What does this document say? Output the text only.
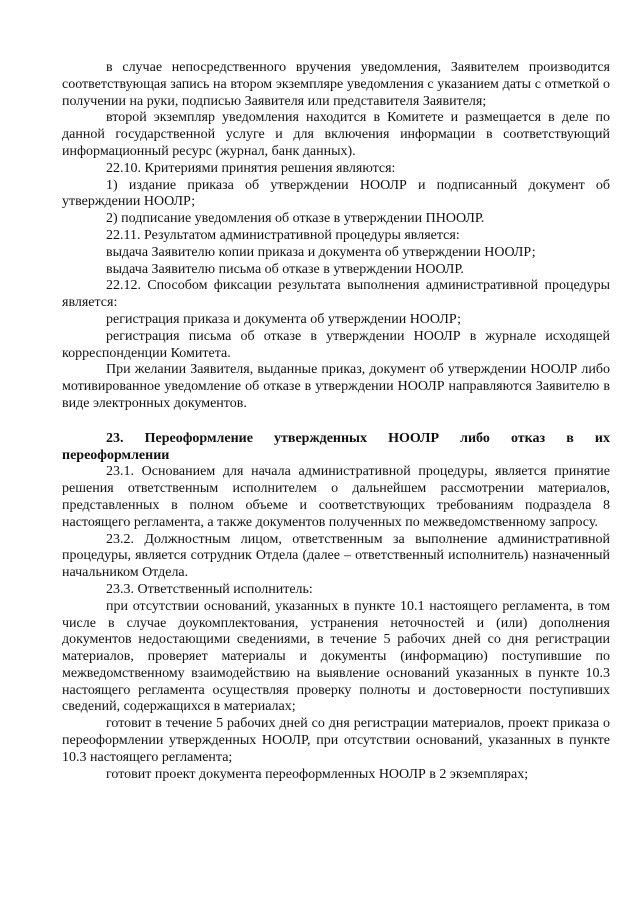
в случае непосредственного вручения уведомления, Заявителем производится соответствующая запись на втором экземпляре уведомления с указанием даты с отметкой о получении на руки, подписью Заявителя или представителя Заявителя;

второй экземпляр уведомления находится в Комитете и размещается в деле по данной государственной услуге и для включения информации в соответствующий информационный ресурс (журнал, банк данных).

22.10. Критериями принятия решения являются:

1) издание приказа об утверждении НООЛР и подписанный документ об утверждении НООЛР;

2) подписание уведомления об отказе в утверждении ПНООЛР.

22.11. Результатом административной процедуры является:

выдача Заявителю копии приказа и документа об утверждении НООЛР;

выдача Заявителю письма об отказе в утверждении НООЛР.

22.12. Способом фиксации результата выполнения административной процедуры является:

регистрация приказа и документа об утверждении НООЛР;

регистрация письма об отказе в утверждении НООЛР в журнале исходящей корреспонденции Комитета.

При желании Заявителя, выданные приказ, документ об утверждении НООЛР либо мотивированное уведомление об отказе в утверждении НООЛР направляются Заявителю в виде электронных документов.

23. Переоформление утвержденных НООЛР либо отказ в их
переоформлении

23.1. Основанием для начала административной процедуры, является принятие решения ответственным исполнителем о дальнейшем рассмотрении материалов, представленных в полном объеме и соответствующих требованиям подраздела 8 настоящего регламента, а также документов полученных по межведомственному запросу.

23.2. Должностным лицом, ответственным за выполнение административной процедуры, является сотрудник Отдела (далее – ответственный исполнитель) назначенный начальником Отдела.

23.3. Ответственный исполнитель:

при отсутствии оснований, указанных в пункте 10.1 настоящего регламента, в том числе в случае доукомплектования, устранения неточностей и (или) дополнения документов недостающими сведениями, в течение 5 рабочих дней со дня регистрации материалов, проверяет материалы и документы (информацию) поступившие по межведомственному взаимодействию на выявление оснований указанных в пункте 10.3 настоящего регламента осуществляя проверку полноты и достоверности поступивших сведений, содержащихся в материалах;

готовит в течение 5 рабочих дней со дня регистрации материалов, проект приказа о переоформлении утвержденных НООЛР, при отсутствии оснований, указанных в пункте 10.3 настоящего регламента;

готовит проект документа переоформленных НООЛР в 2 экземплярах;
